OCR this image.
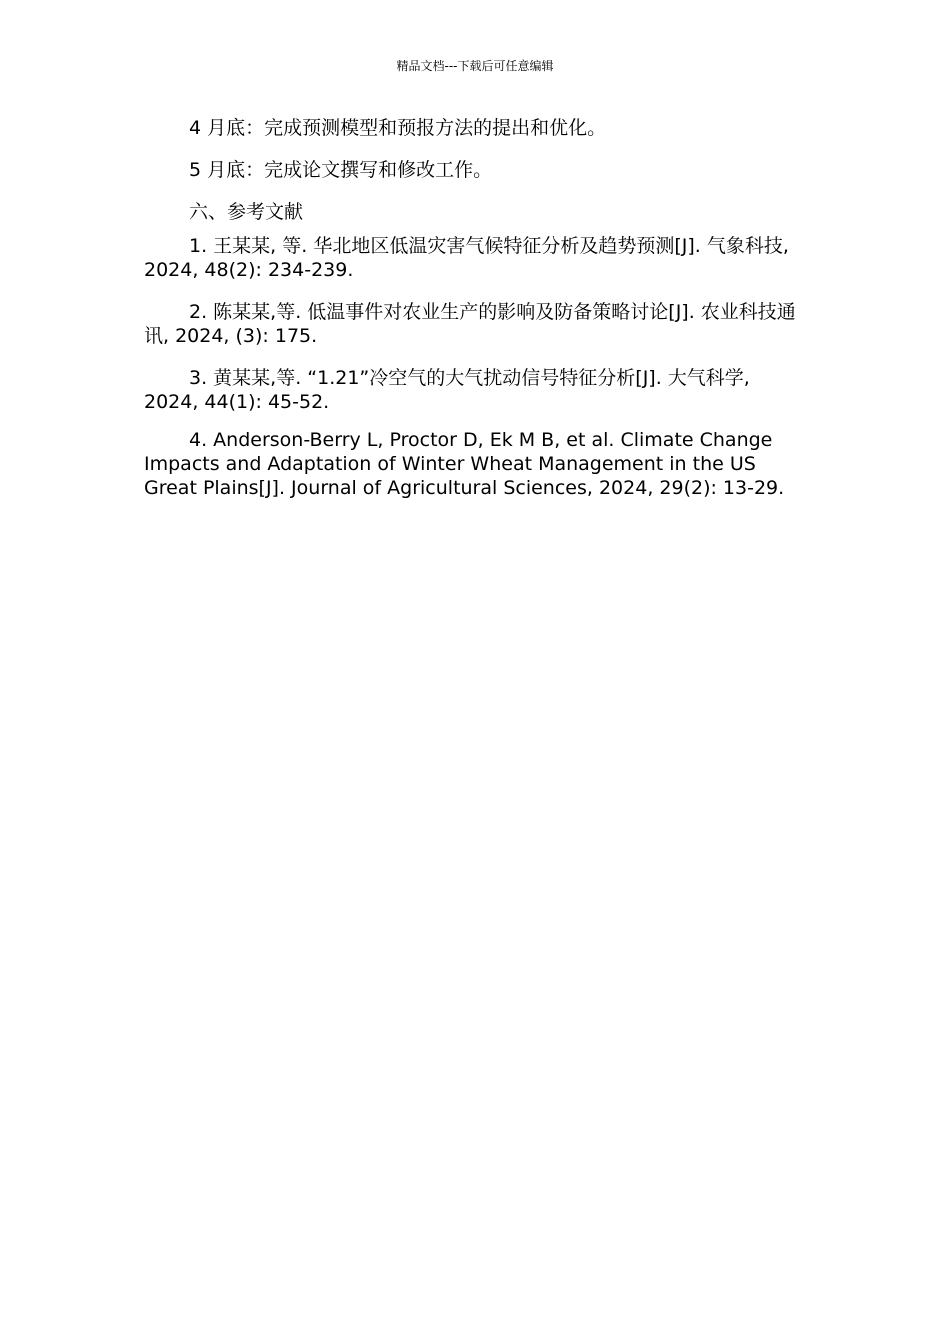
精品文档---下载后可任意编辑

4 月底：完成预测模型和预报方法的提出和优化。

5 月底：完成论文撰写和修改工作。

六、参考文献

1. 王某某, 等. 华北地区低温灾害气候特征分析及趋势预测[J]. 气象科技, 2024, 48(2): 234-239.

2. 陈某某,等. 低温事件对农业生产的影响及防备策略讨论[J]. 农业科技通讯, 2024, (3): 175.

3. 黄某某,等. “1.21”冷空气的大气扰动信号特征分析[J]. 大气科学, 2024, 44(1): 45-52.

4. Anderson-Berry L, Proctor D, Ek M B, et al. Climate Change Impacts and Adaptation of Winter Wheat Management in the US Great Plains[J]. Journal of Agricultural Sciences, 2024, 29(2): 13-29.
